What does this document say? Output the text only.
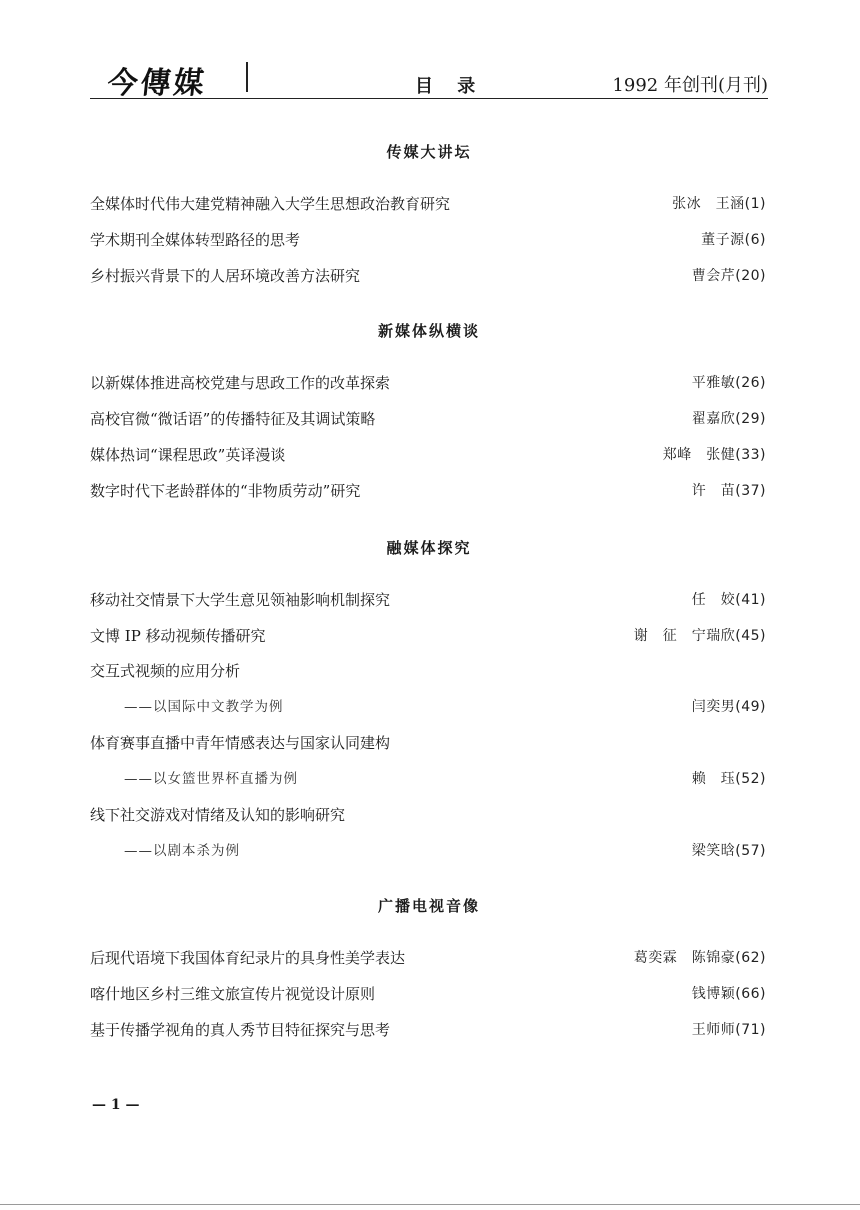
今傳媒	目 录	1992 年创刊(月刊)
传媒大讲坛
全媒体时代伟大建党精神融入大学生思想政治教育研究	张冰　王涵(1)
学术期刊全媒体转型路径的思考	董子源(6)
乡村振兴背景下的人居环境改善方法研究	曹会芹(20)
新媒体纵横谈
以新媒体推进高校党建与思政工作的改革探索	平雅敏(26)
高校官微“微话语”的传播特征及其调试策略	翟嘉欣(29)
媒体热词“课程思政”英译漫谈	郑峰　张健(33)
数字时代下老龄群体的“非物质劳动”研究	许　苗(37)
融媒体探究
移动社交情景下大学生意见领袖影响机制探究	任　姣(41)
文博 IP 移动视频传播研究	谢　征　宁瑞欣(45)
交互式视频的应用分析
——以国际中文教学为例	闫奕男(49)
体育赛事直播中青年情感表达与国家认同建构
——以女篮世界杯直播为例	赖　珏(52)
线下社交游戏对情绪及认知的影响研究
——以剧本杀为例	梁笑晗(57)
广播电视音像
后现代语境下我国体育纪录片的具身性美学表达	葛奕霖　陈锦豪(62)
喀什地区乡村三维文旅宣传片视觉设计原则	钱博颖(66)
基于传播学视角的真人秀节目特征探究与思考	王师师(71)
— 1 —
